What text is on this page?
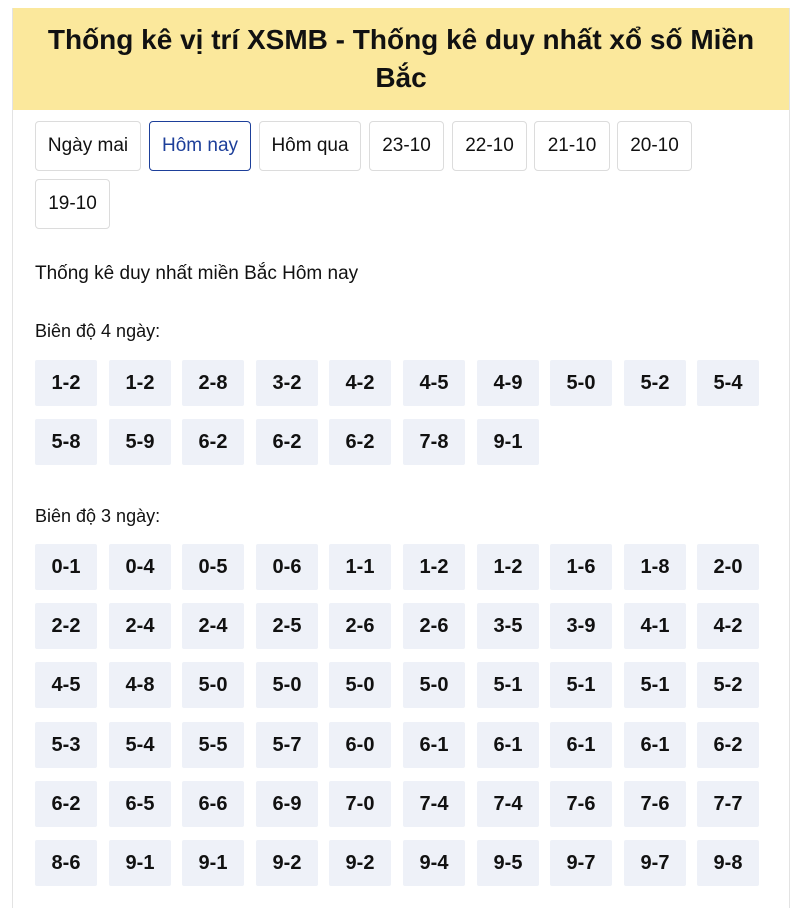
Thống kê vị trí XSMB - Thống kê duy nhất xổ số Miền Bắc
Ngày mai	Hôm nay	Hôm qua	23-10	22-10	21-10	20-10
19-10
Thống kê duy nhất miền Bắc Hôm nay
Biên độ 4 ngày:
1-2	1-2	2-8	3-2	4-2	4-5	4-9	5-0	5-2	5-4
5-8	5-9	6-2	6-2	6-2	7-8	9-1
Biên độ 3 ngày:
0-1	0-4	0-5	0-6	1-1	1-2	1-2	1-6	1-8	2-0
2-2	2-4	2-4	2-5	2-6	2-6	3-5	3-9	4-1	4-2
4-5	4-8	5-0	5-0	5-0	5-0	5-1	5-1	5-1	5-2
5-3	5-4	5-5	5-7	6-0	6-1	6-1	6-1	6-1	6-2
6-2	6-5	6-6	6-9	7-0	7-4	7-4	7-6	7-6	7-7
8-6	9-1	9-1	9-2	9-2	9-4	9-5	9-7	9-7	9-8
